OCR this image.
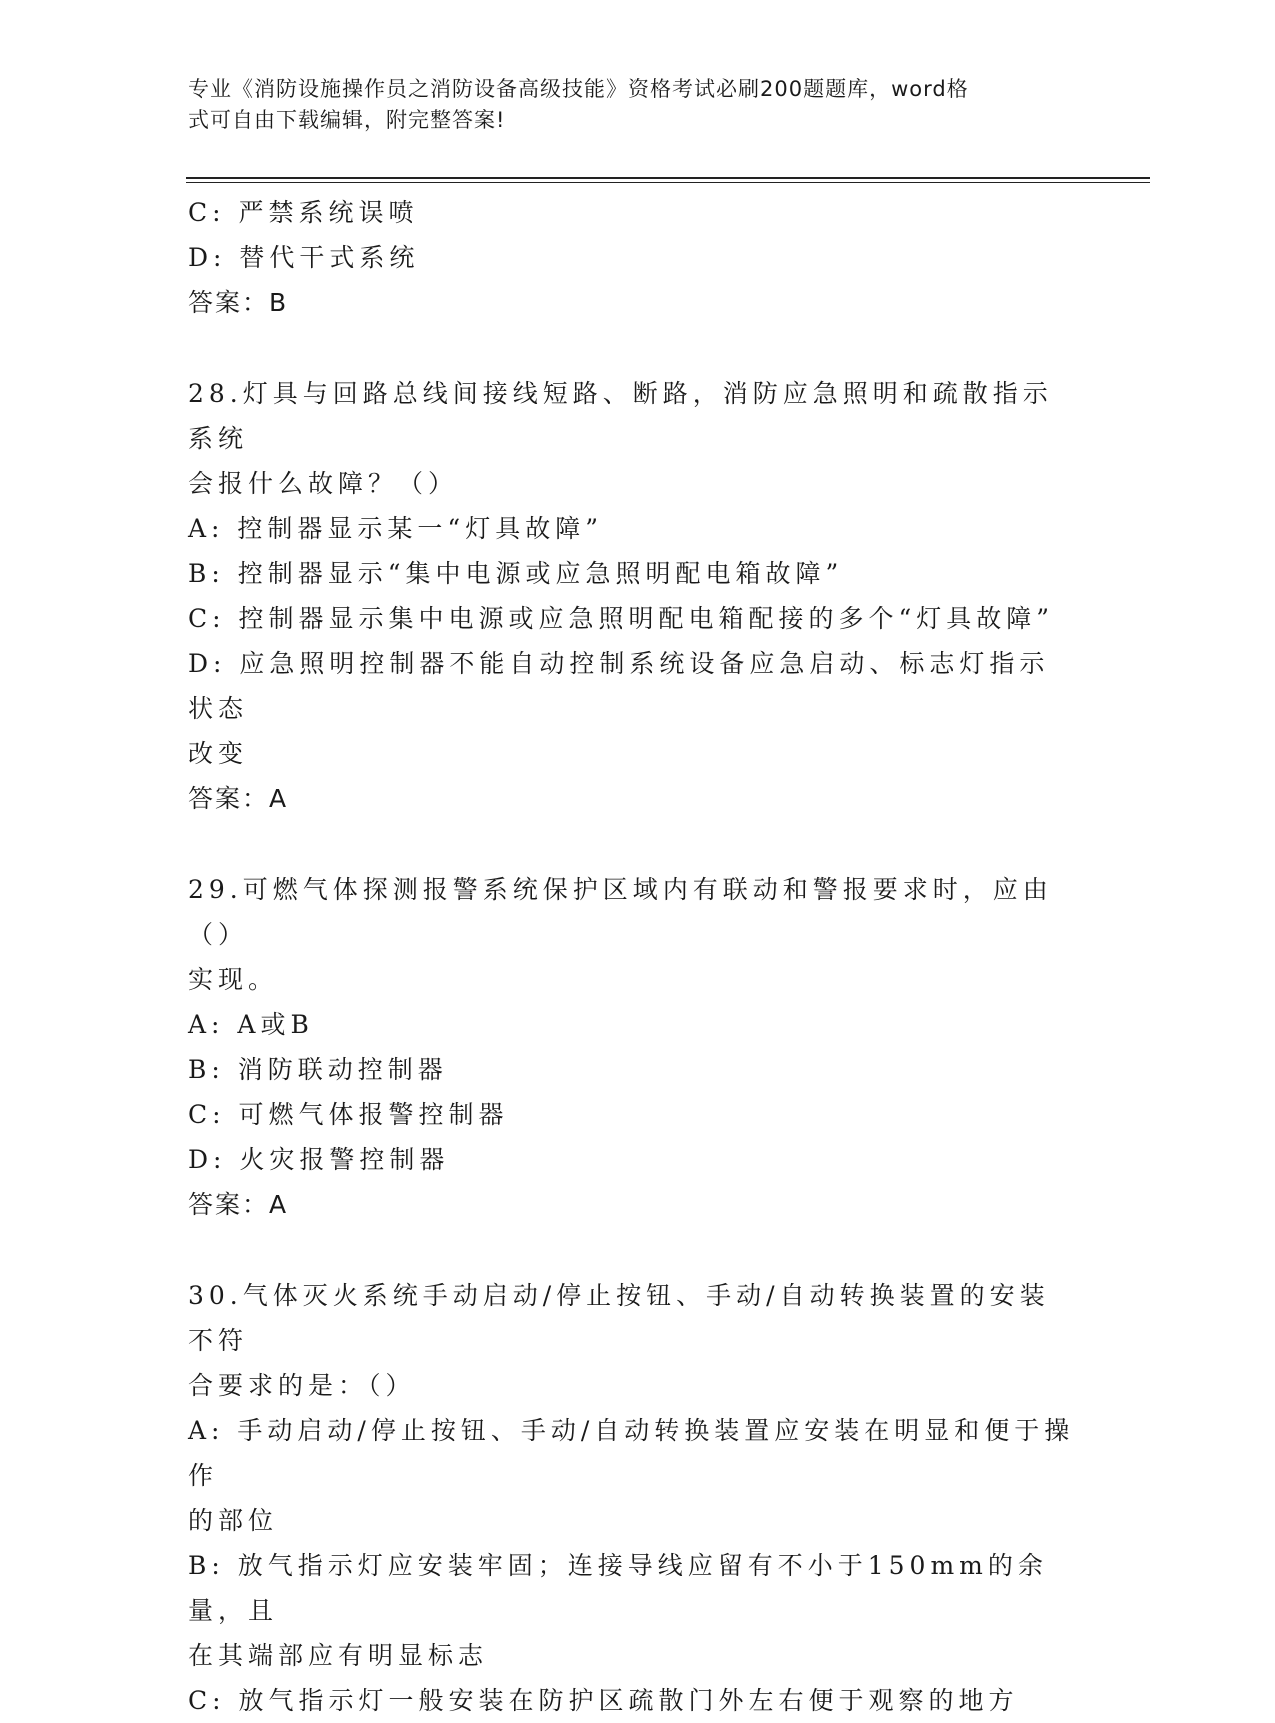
专业《消防设施操作员之消防设备高级技能》资格考试必刷200题题库，word格
式可自由下载编辑，附完整答案!
C: 严禁系统误喷
D: 替代干式系统
答案：B
28.灯具与回路总线间接线短路、断路，消防应急照明和疏散指示系统
会报什么故障？（）
A: 控制器显示某一“灯具故障”
B: 控制器显示“集中电源或应急照明配电箱故障”
C: 控制器显示集中电源或应急照明配电箱配接的多个“灯具故障”
D: 应急照明控制器不能自动控制系统设备应急启动、标志灯指示状态
改变
答案：A
29.可燃气体探测报警系统保护区域内有联动和警报要求时，应由（）
实现。
A: A或B
B: 消防联动控制器
C: 可燃气体报警控制器
D: 火灾报警控制器
答案：A
30.气体灭火系统手动启动/停止按钮、手动/自动转换装置的安装不符
合要求的是：（）
A: 手动启动/停止按钮、手动/自动转换装置应安装在明显和便于操作
的部位
B: 放气指示灯应安装牢固；连接导线应留有不小于150mm的余量，且
在其端部应有明显标志
C: 放气指示灯一般安装在防护区疏散门外左右便于观察的地方
